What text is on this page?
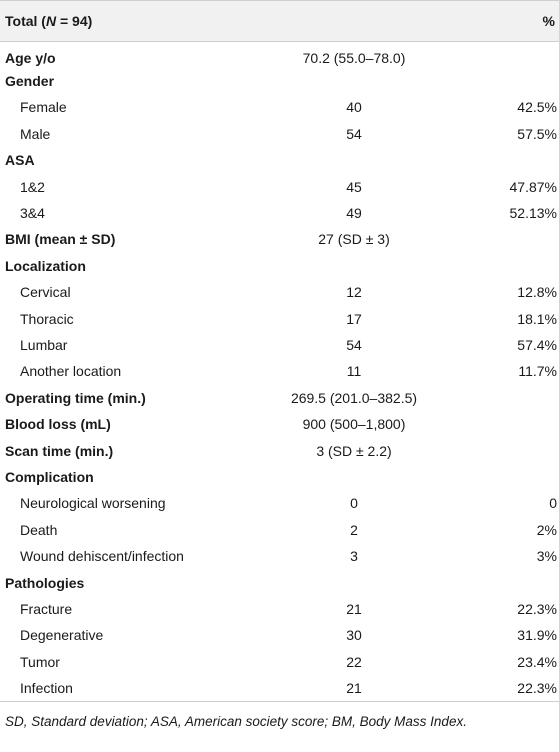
Total (N = 94)		%
Age y/o	70.2 (55.0–78.0)	
Gender		
Female	40	42.5%
Male	54	57.5%
ASA		
1&2	45	47.87%
3&4	49	52.13%
BMI (mean ± SD)	27 (SD ± 3)	
Localization		
Cervical	12	12.8%
Thoracic	17	18.1%
Lumbar	54	57.4%
Another location	11	11.7%
Operating time (min.)	269.5 (201.0–382.5)	
Blood loss (mL)	900 (500–1,800)	
Scan time (min.)	3 (SD ± 2.2)	
Complication		
Neurological worsening	0	0
Death	2	2%
Wound dehiscent/infection	3	3%
Pathologies		
Fracture	21	22.3%
Degenerative	30	31.9%
Tumor	22	23.4%
Infection	21	22.3%
SD, Standard deviation; ASA, American society score; BM, Body Mass Index.
